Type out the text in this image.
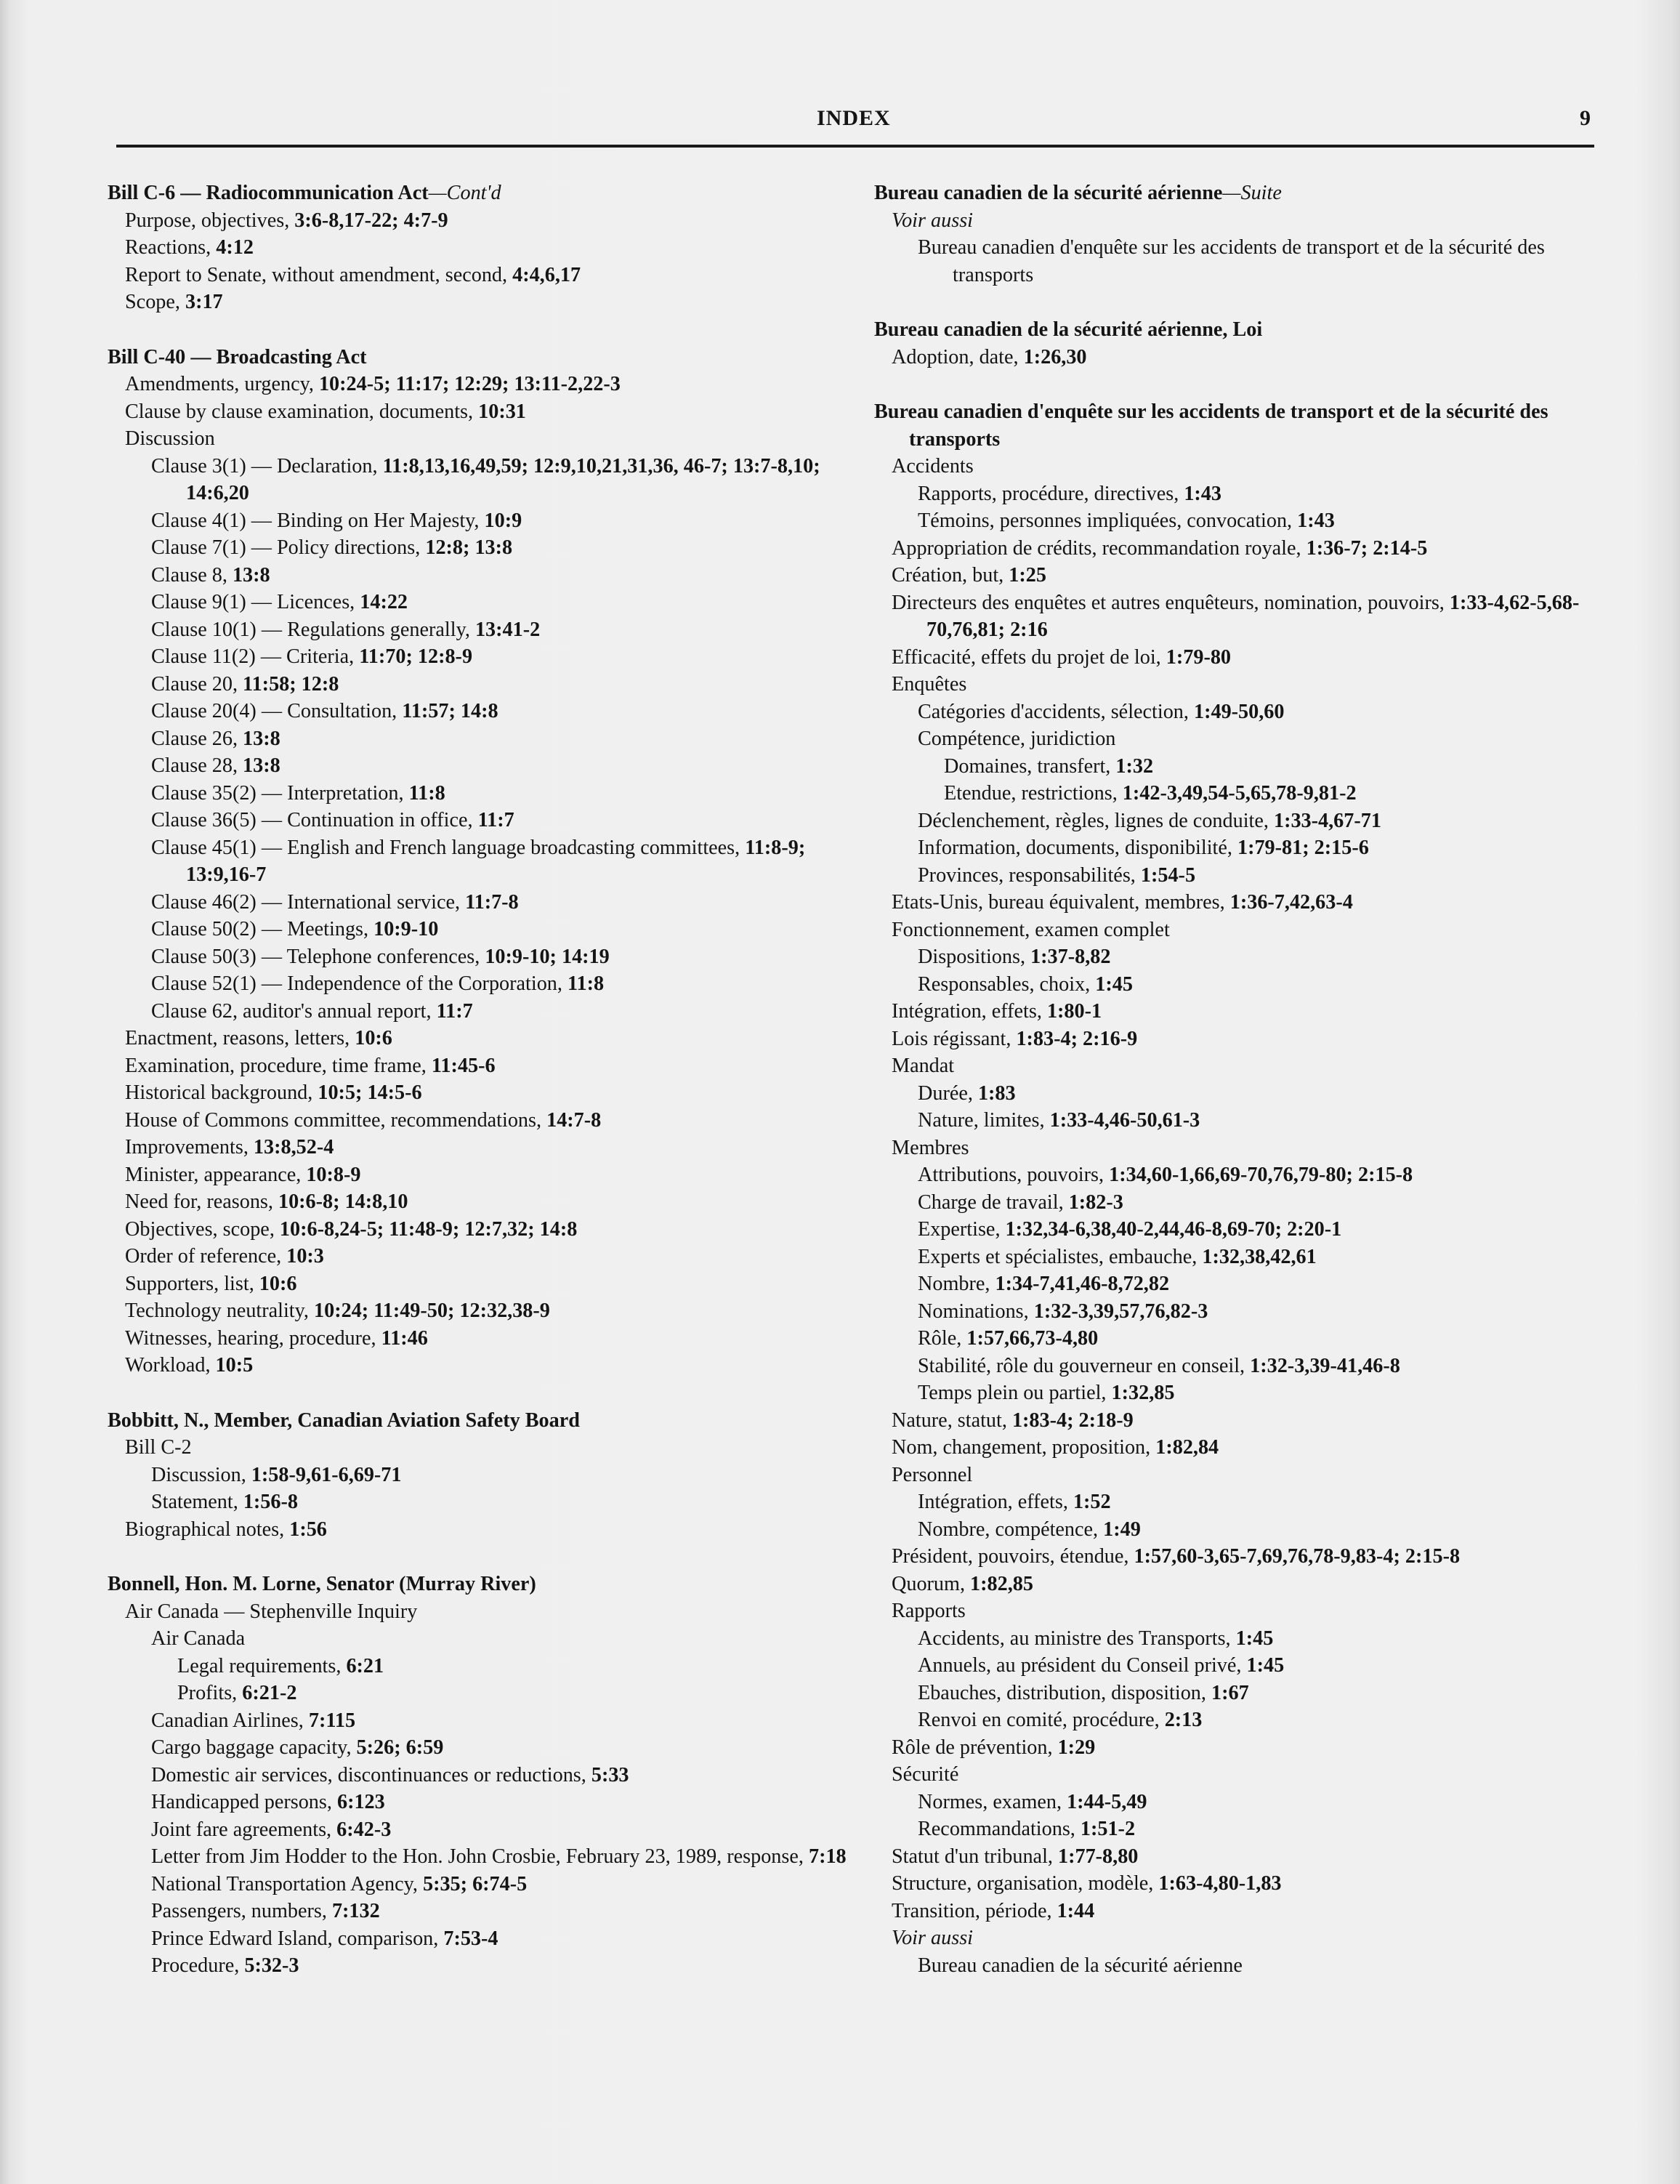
INDEX	9
Bill C-6 — Radiocommunication Act—Cont'd
Purpose, objectives, 3:6-8,17-22; 4:7-9
Reactions, 4:12
Report to Senate, without amendment, second, 4:4,6,17
Scope, 3:17
Bill C-40 — Broadcasting Act
Amendments, urgency, 10:24-5; 11:17; 12:29; 13:11-2,22-3
Clause by clause examination, documents, 10:31
Discussion
Clause 3(1) — Declaration, 11:8,13,16,49,59; 12:9,10,21,31,36, 46-7; 13:7-8,10; 14:6,20
Clause 4(1) — Binding on Her Majesty, 10:9
Clause 7(1) — Policy directions, 12:8; 13:8
Clause 8, 13:8
Clause 9(1) — Licences, 14:22
Clause 10(1) — Regulations generally, 13:41-2
Clause 11(2) — Criteria, 11:70; 12:8-9
Clause 20, 11:58; 12:8
Clause 20(4) — Consultation, 11:57; 14:8
Clause 26, 13:8
Clause 28, 13:8
Clause 35(2) — Interpretation, 11:8
Clause 36(5) — Continuation in office, 11:7
Clause 45(1) — English and French language broadcasting committees, 11:8-9; 13:9,16-7
Clause 46(2) — International service, 11:7-8
Clause 50(2) — Meetings, 10:9-10
Clause 50(3) — Telephone conferences, 10:9-10; 14:19
Clause 52(1) — Independence of the Corporation, 11:8
Clause 62, auditor's annual report, 11:7
Enactment, reasons, letters, 10:6
Examination, procedure, time frame, 11:45-6
Historical background, 10:5; 14:5-6
House of Commons committee, recommendations, 14:7-8
Improvements, 13:8,52-4
Minister, appearance, 10:8-9
Need for, reasons, 10:6-8; 14:8,10
Objectives, scope, 10:6-8,24-5; 11:48-9; 12:7,32; 14:8
Order of reference, 10:3
Supporters, list, 10:6
Technology neutrality, 10:24; 11:49-50; 12:32,38-9
Witnesses, hearing, procedure, 11:46
Workload, 10:5
Bobbitt, N., Member, Canadian Aviation Safety Board
Bill C-2
Discussion, 1:58-9,61-6,69-71
Statement, 1:56-8
Biographical notes, 1:56
Bonnell, Hon. M. Lorne, Senator (Murray River)
Air Canada — Stephenville Inquiry
Air Canada
Legal requirements, 6:21
Profits, 6:21-2
Canadian Airlines, 7:115
Cargo baggage capacity, 5:26; 6:59
Domestic air services, discontinuances or reductions, 5:33
Handicapped persons, 6:123
Joint fare agreements, 6:42-3
Letter from Jim Hodder to the Hon. John Crosbie, February 23, 1989, response, 7:18
National Transportation Agency, 5:35; 6:74-5
Passengers, numbers, 7:132
Prince Edward Island, comparison, 7:53-4
Procedure, 5:32-3
Bureau canadien de la sécurité aérienne—Suite
Voir aussi
Bureau canadien d'enquête sur les accidents de transport et de la sécurité des transports
Bureau canadien de la sécurité aérienne, Loi
Adoption, date, 1:26,30
Bureau canadien d'enquête sur les accidents de transport et de la sécurité des transports
Accidents
Rapports, procédure, directives, 1:43
Témoins, personnes impliquées, convocation, 1:43
Appropriation de crédits, recommandation royale, 1:36-7; 2:14-5
Création, but, 1:25
Directeurs des enquêtes et autres enquêteurs, nomination, pouvoirs, 1:33-4,62-5,68-70,76,81; 2:16
Efficacité, effets du projet de loi, 1:79-80
Enquêtes
Catégories d'accidents, sélection, 1:49-50,60
Compétence, juridiction
Domaines, transfert, 1:32
Etendue, restrictions, 1:42-3,49,54-5,65,78-9,81-2
Déclenchement, règles, lignes de conduite, 1:33-4,67-71
Information, documents, disponibilité, 1:79-81; 2:15-6
Provinces, responsabilités, 1:54-5
Etats-Unis, bureau équivalent, membres, 1:36-7,42,63-4
Fonctionnement, examen complet
Dispositions, 1:37-8,82
Responsables, choix, 1:45
Intégration, effets, 1:80-1
Lois régissant, 1:83-4; 2:16-9
Mandat
Durée, 1:83
Nature, limites, 1:33-4,46-50,61-3
Membres
Attributions, pouvoirs, 1:34,60-1,66,69-70,76,79-80; 2:15-8
Charge de travail, 1:82-3
Expertise, 1:32,34-6,38,40-2,44,46-8,69-70; 2:20-1
Experts et spécialistes, embauche, 1:32,38,42,61
Nombre, 1:34-7,41,46-8,72,82
Nominations, 1:32-3,39,57,76,82-3
Rôle, 1:57,66,73-4,80
Stabilité, rôle du gouverneur en conseil, 1:32-3,39-41,46-8
Temps plein ou partiel, 1:32,85
Nature, statut, 1:83-4; 2:18-9
Nom, changement, proposition, 1:82,84
Personnel
Intégration, effets, 1:52
Nombre, compétence, 1:49
Président, pouvoirs, étendue, 1:57,60-3,65-7,69,76,78-9,83-4; 2:15-8
Quorum, 1:82,85
Rapports
Accidents, au ministre des Transports, 1:45
Annuels, au président du Conseil privé, 1:45
Ebauches, distribution, disposition, 1:67
Renvoi en comité, procédure, 2:13
Rôle de prévention, 1:29
Sécurité
Normes, examen, 1:44-5,49
Recommandations, 1:51-2
Statut d'un tribunal, 1:77-8,80
Structure, organisation, modèle, 1:63-4,80-1,83
Transition, période, 1:44
Voir aussi
Bureau canadien de la sécurité aérienne
